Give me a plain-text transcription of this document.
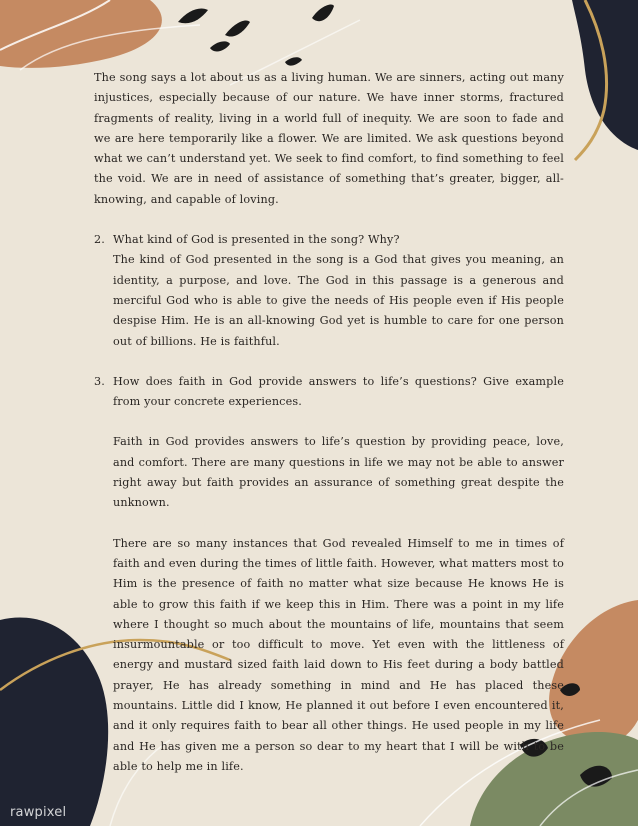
The song says a lot about us as a living human. We are sinners, acting out many injustices, especially because of our nature. We have inner storms, fractured fragments of reality, living in a world full of inequity. We are soon to fade and we are here temporarily like a flower. We are limited. We ask questions beyond what we can’t understand yet. We seek to find comfort, to find something to feel the void. We are in need of assistance of something that’s greater, bigger, all-knowing, and capable of loving.

2. What kind of God is presented in the song? Why?

The kind of God presented in the song is a God that gives you meaning, an identity, a purpose, and love. The God in this passage is a generous and merciful God who is able to give the needs of His people even if His people despise Him. He is an all-knowing God yet is humble to care for one person out of billions. He is faithful.

3. How does faith in God provide answers to life’s questions? Give example from your concrete experiences.

Faith in God provides answers to life’s question by providing peace, love, and comfort. There are many questions in life we may not be able to answer right away but faith provides an assurance of something great despite the unknown.

There are so many instances that God revealed Himself to me in times of faith and even during the times of little faith. However, what matters most to Him is the presence of faith no matter what size because He knows He is able to grow this faith if we keep this in Him. There was a point in my life where I thought so much about the mountains of life, mountains that seem insurmountable or too difficult to move. Yet even with the littleness of energy and mustard sized faith laid down to His feet during a body battled prayer, He has already something in mind and He has placed these mountains. Little did I know, He planned it out before I even encountered it, and it only requires faith to bear all other things. He used people in my life and He has given me a person so dear to my heart that I will be with to be able to help me in life.

rawpixel
